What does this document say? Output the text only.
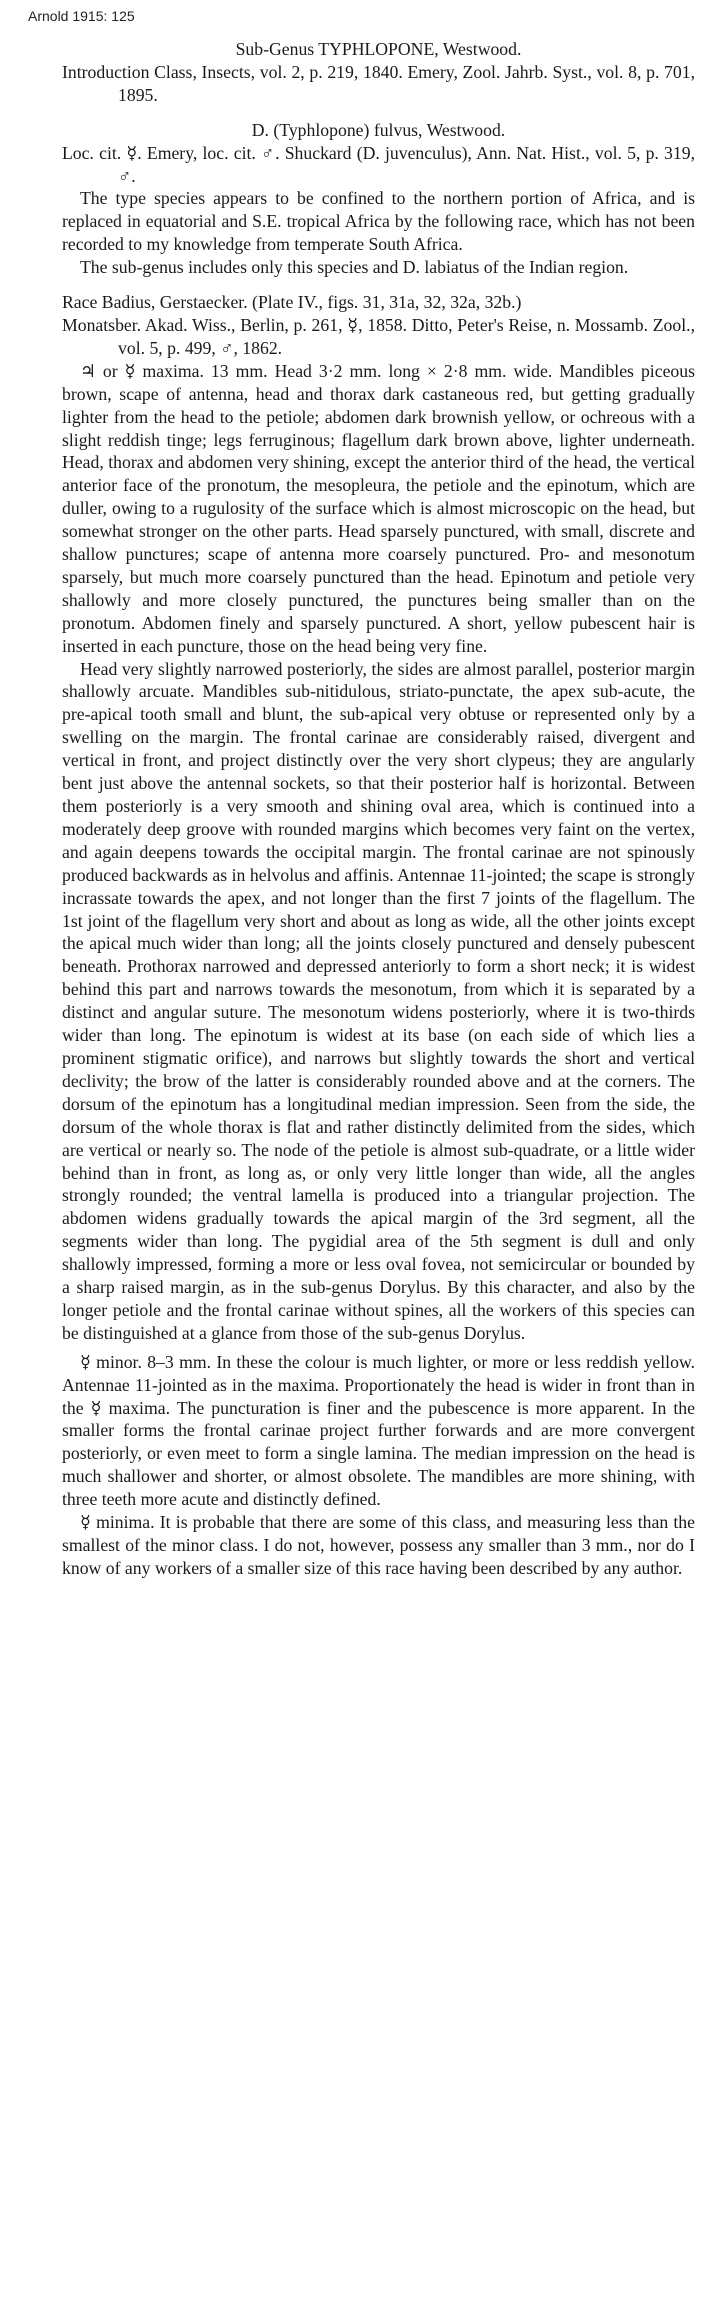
Arnold 1915: 125

Sub-Genus TYPHLOPONE, Westwood.

Introduction Class, Insects, vol. 2, p. 219, 1840. Emery, Zool. Jahrb. Syst., vol. 8, p. 701, 1895.

D. (Typhlopone) fulvus, Westwood.

Loc. cit. ☿. Emery, loc. cit. ♂. Shuckard (D. juvenculus), Ann. Nat. Hist., vol. 5, p. 319, ♂.

The type species appears to be confined to the northern portion of Africa, and is replaced in equatorial and S.E. tropical Africa by the following race, which has not been recorded to my knowledge from temperate South Africa.

The sub-genus includes only this species and D. labiatus of the Indian region.

Race Badius, Gerstaecker. (Plate IV., figs. 31, 31a, 32, 32a, 32b.)

Monatsber. Akad. Wiss., Berlin, p. 261, ☿, 1858. Ditto, Peter's Reise, n. Mossamb. Zool., vol. 5, p. 499, ♂, 1862.

♃ or ☿ maxima. 13 mm. Head 3·2 mm. long × 2·8 mm. wide. Mandibles piceous brown, scape of antenna, head and thorax dark castaneous red, but getting gradually lighter from the head to the petiole; abdomen dark brownish yellow, or ochreous with a slight reddish tinge; legs ferruginous; flagellum dark brown above, lighter underneath. Head, thorax and abdomen very shining, except the anterior third of the head, the vertical anterior face of the pronotum, the mesopleura, the petiole and the epinotum, which are duller, owing to a rugulosity of the surface which is almost microscopic on the head, but somewhat stronger on the other parts. Head sparsely punctured, with small, discrete and shallow punctures; scape of antenna more coarsely punctured. Pro- and mesonotum sparsely, but much more coarsely punctured than the head. Epinotum and petiole very shallowly and more closely punctured, the punctures being smaller than on the pronotum. Abdomen finely and sparsely punctured. A short, yellow pubescent hair is inserted in each puncture, those on the head being very fine.

Head very slightly narrowed posteriorly, the sides are almost parallel, posterior margin shallowly arcuate. Mandibles sub-nitidulous, striato-punctate, the apex sub-acute, the pre-apical tooth small and blunt, the sub-apical very obtuse or represented only by a swelling on the margin. The frontal carinae are considerably raised, divergent and vertical in front, and project distinctly over the very short clypeus; they are angularly bent just above the antennal sockets, so that their posterior half is horizontal. Between them posteriorly is a very smooth and shining oval area, which is continued into a moderately deep groove with rounded margins which becomes very faint on the vertex, and again deepens towards the occipital margin. The frontal carinae are not spinously produced backwards as in helvolus and affinis. Antennae 11-jointed; the scape is strongly incrassate towards the apex, and not longer than the first 7 joints of the flagellum. The 1st joint of the flagellum very short and about as long as wide, all the other joints except the apical much wider than long; all the joints closely punctured and densely pubescent beneath. Prothorax narrowed and depressed anteriorly to form a short neck; it is widest behind this part and narrows towards the mesonotum, from which it is separated by a distinct and angular suture. The mesonotum widens posteriorly, where it is two-thirds wider than long. The epinotum is widest at its base (on each side of which lies a prominent stigmatic orifice), and narrows but slightly towards the short and vertical declivity; the brow of the latter is considerably rounded above and at the corners. The dorsum of the epinotum has a longitudinal median impression. Seen from the side, the dorsum of the whole thorax is flat and rather distinctly delimited from the sides, which are vertical or nearly so. The node of the petiole is almost sub-quadrate, or a little wider behind than in front, as long as, or only very little longer than wide, all the angles strongly rounded; the ventral lamella is produced into a triangular projection. The abdomen widens gradually towards the apical margin of the 3rd segment, all the segments wider than long. The pygidial area of the 5th segment is dull and only shallowly impressed, forming a more or less oval fovea, not semicircular or bounded by a sharp raised margin, as in the sub-genus Dorylus. By this character, and also by the longer petiole and the frontal carinae without spines, all the workers of this species can be distinguished at a glance from those of the sub-genus Dorylus.

☿ minor. 8–3 mm. In these the colour is much lighter, or more or less reddish yellow. Antennae 11-jointed as in the maxima. Proportionately the head is wider in front than in the ☿ maxima. The puncturation is finer and the pubescence is more apparent. In the smaller forms the frontal carinae project further forwards and are more convergent posteriorly, or even meet to form a single lamina. The median impression on the head is much shallower and shorter, or almost obsolete. The mandibles are more shining, with three teeth more acute and distinctly defined.

☿ minima. It is probable that there are some of this class, and measuring less than the smallest of the minor class. I do not, however, possess any smaller than 3 mm., nor do I know of any workers of a smaller size of this race having been described by any author.
